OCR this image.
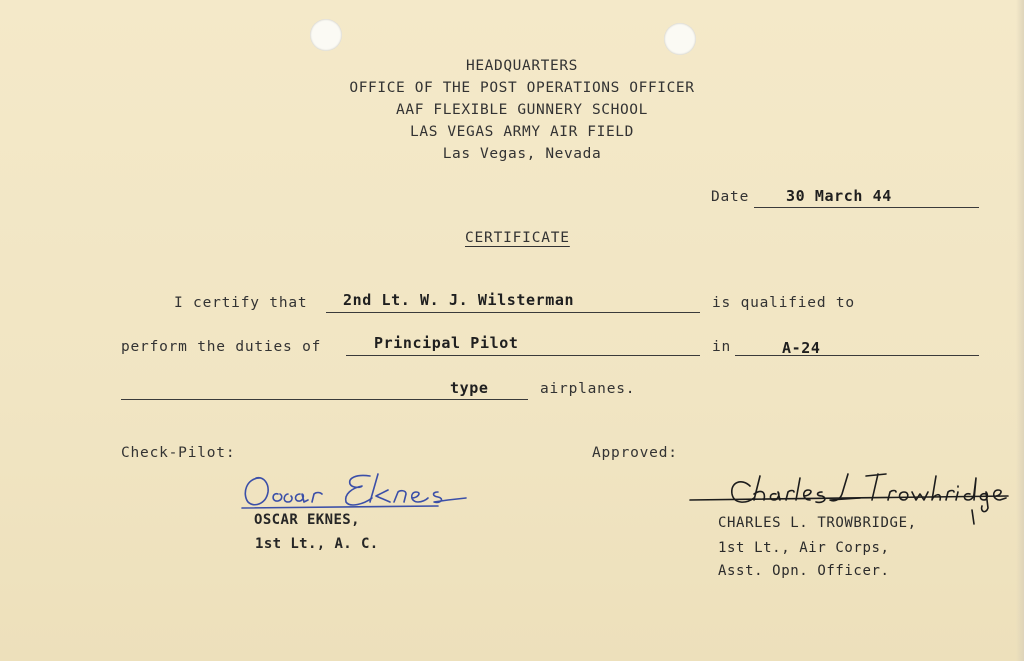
HEADQUARTERS
OFFICE OF THE POST OPERATIONS OFFICER
AAF FLEXIBLE GUNNERY SCHOOL
LAS VEGAS ARMY AIR FIELD
Las Vegas, Nevada
Date 30 March 44
CERTIFICATE
I certify that 2nd Lt. W. J. Wilsterman	is qualified to
perform the duties of	Principal Pilot	in	A-24
type	airplanes.
Check-Pilot:	Approved:
OSCAR EKNES,
1st Lt., A. C.
CHARLES L. TROWBRIDGE,
1st Lt., Air Corps,
Asst. Opn. Officer.
